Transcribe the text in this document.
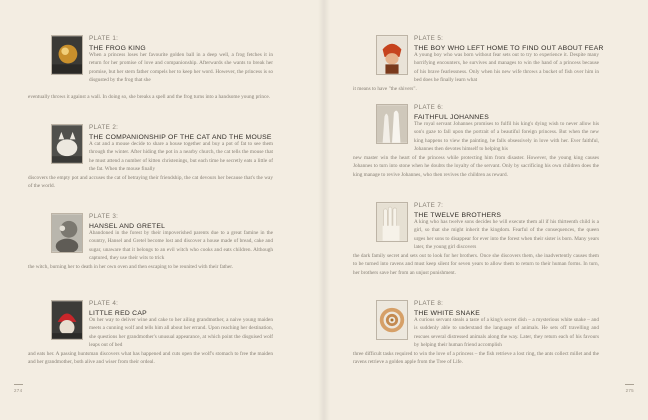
PLATE 1:
THE FROG KING
When a princess loses her favourite golden ball in a deep well, a frog fetches it in return for her promise of love and companionship. Afterwards she wants to break her promise, but her stern father compels her to keep her word. However, the princess is so disgusted by the frog that she
eventually throws it against a wall. In doing so, she breaks a spell and the frog turns into a handsome young prince.
PLATE 2:
THE COMPANIONSHIP OF THE CAT AND THE MOUSE
A cat and a mouse decide to share a house together and buy a pot of fat to see them through the winter. After hiding the pot in a nearby church, the cat tells the mouse that he must attend a number of kitten christenings, but each time he secretly eats a little of the fat. When the mouse finally
discovers the empty pot and accuses the cat of betraying their friendship, the cat devours her because that's the way of the world.
PLATE 3:
HANSEL AND GRETEL
Abandoned in the forest by their impoverished parents due to a great famine in the country, Hansel and Gretel become lost and discover a house made of bread, cake and sugar, unaware that it belongs to an evil witch who cooks and eats children. Although captured, they use their wits to trick
the witch, burning her to death in her own oven and then escaping to be reunited with their father.
PLATE 4:
LITTLE RED CAP
On her way to deliver wine and cake to her ailing grandmother, a naive young maiden meets a cunning wolf and tells him all about her errand. Upon reaching her destination, she questions her grandmother's unusual appearance, at which point the disguised wolf leaps out of bed
and eats her. A passing huntsman discovers what has happened and cuts open the wolf's stomach to free the maiden and her grandmother, both alive and wiser from their ordeal.
274
PLATE 5:
THE BOY WHO LEFT HOME TO FIND OUT ABOUT FEAR
A young boy who was born without fear sets out to try to experience it. Despite many horrifying encounters, he survives and manages to win the hand of a princess because of his brave fearlessness. Only when his new wife throws a bucket of fish over him in bed does he finally learn what
it means to have "the shivers".
PLATE 6:
FAITHFUL JOHANNES
The royal servant Johannes promises to fulfil his king's dying wish to never allow his son's gaze to fall upon the portrait of a beautiful foreign princess. But when the new king happens to view the painting, he falls obsessively in love with her. Ever faithful, Johannes then devotes himself to helping his
new master win the heart of the princess while protecting him from disaster. However, the young king causes Johannes to turn into stone when he doubts the loyalty of the servant. Only by sacrificing his own children does the king manage to revive Johannes, who then revives the children as reward.
PLATE 7:
THE TWELVE BROTHERS
A king who has twelve sons decides he will execute them all if his thirteenth child is a girl, so that she might inherit the kingdom. Fearful of the consequences, the queen urges her sons to disappear for ever into the forest when their sister is born. Many years later, the young girl discovers
the dark family secret and sets out to look for her brothers. Once she discovers them, she inadvertently causes them to be turned into ravens and must keep silent for seven years to allow them to return to their human forms. In turn, her brothers save her from an unjust punishment.
PLATE 8:
THE WHITE SNAKE
A curious servant steals a taste of a king's secret dish – a mysterious white snake – and is suddenly able to understand the language of animals. He sets off travelling and rescues several distressed animals along the way. Later, they return each of his favours by helping their human friend accomplish
three difficult tasks required to win the love of a princess – the fish retrieve a lost ring, the ants collect millet and the ravens retrieve a golden apple from the Tree of Life.
275
